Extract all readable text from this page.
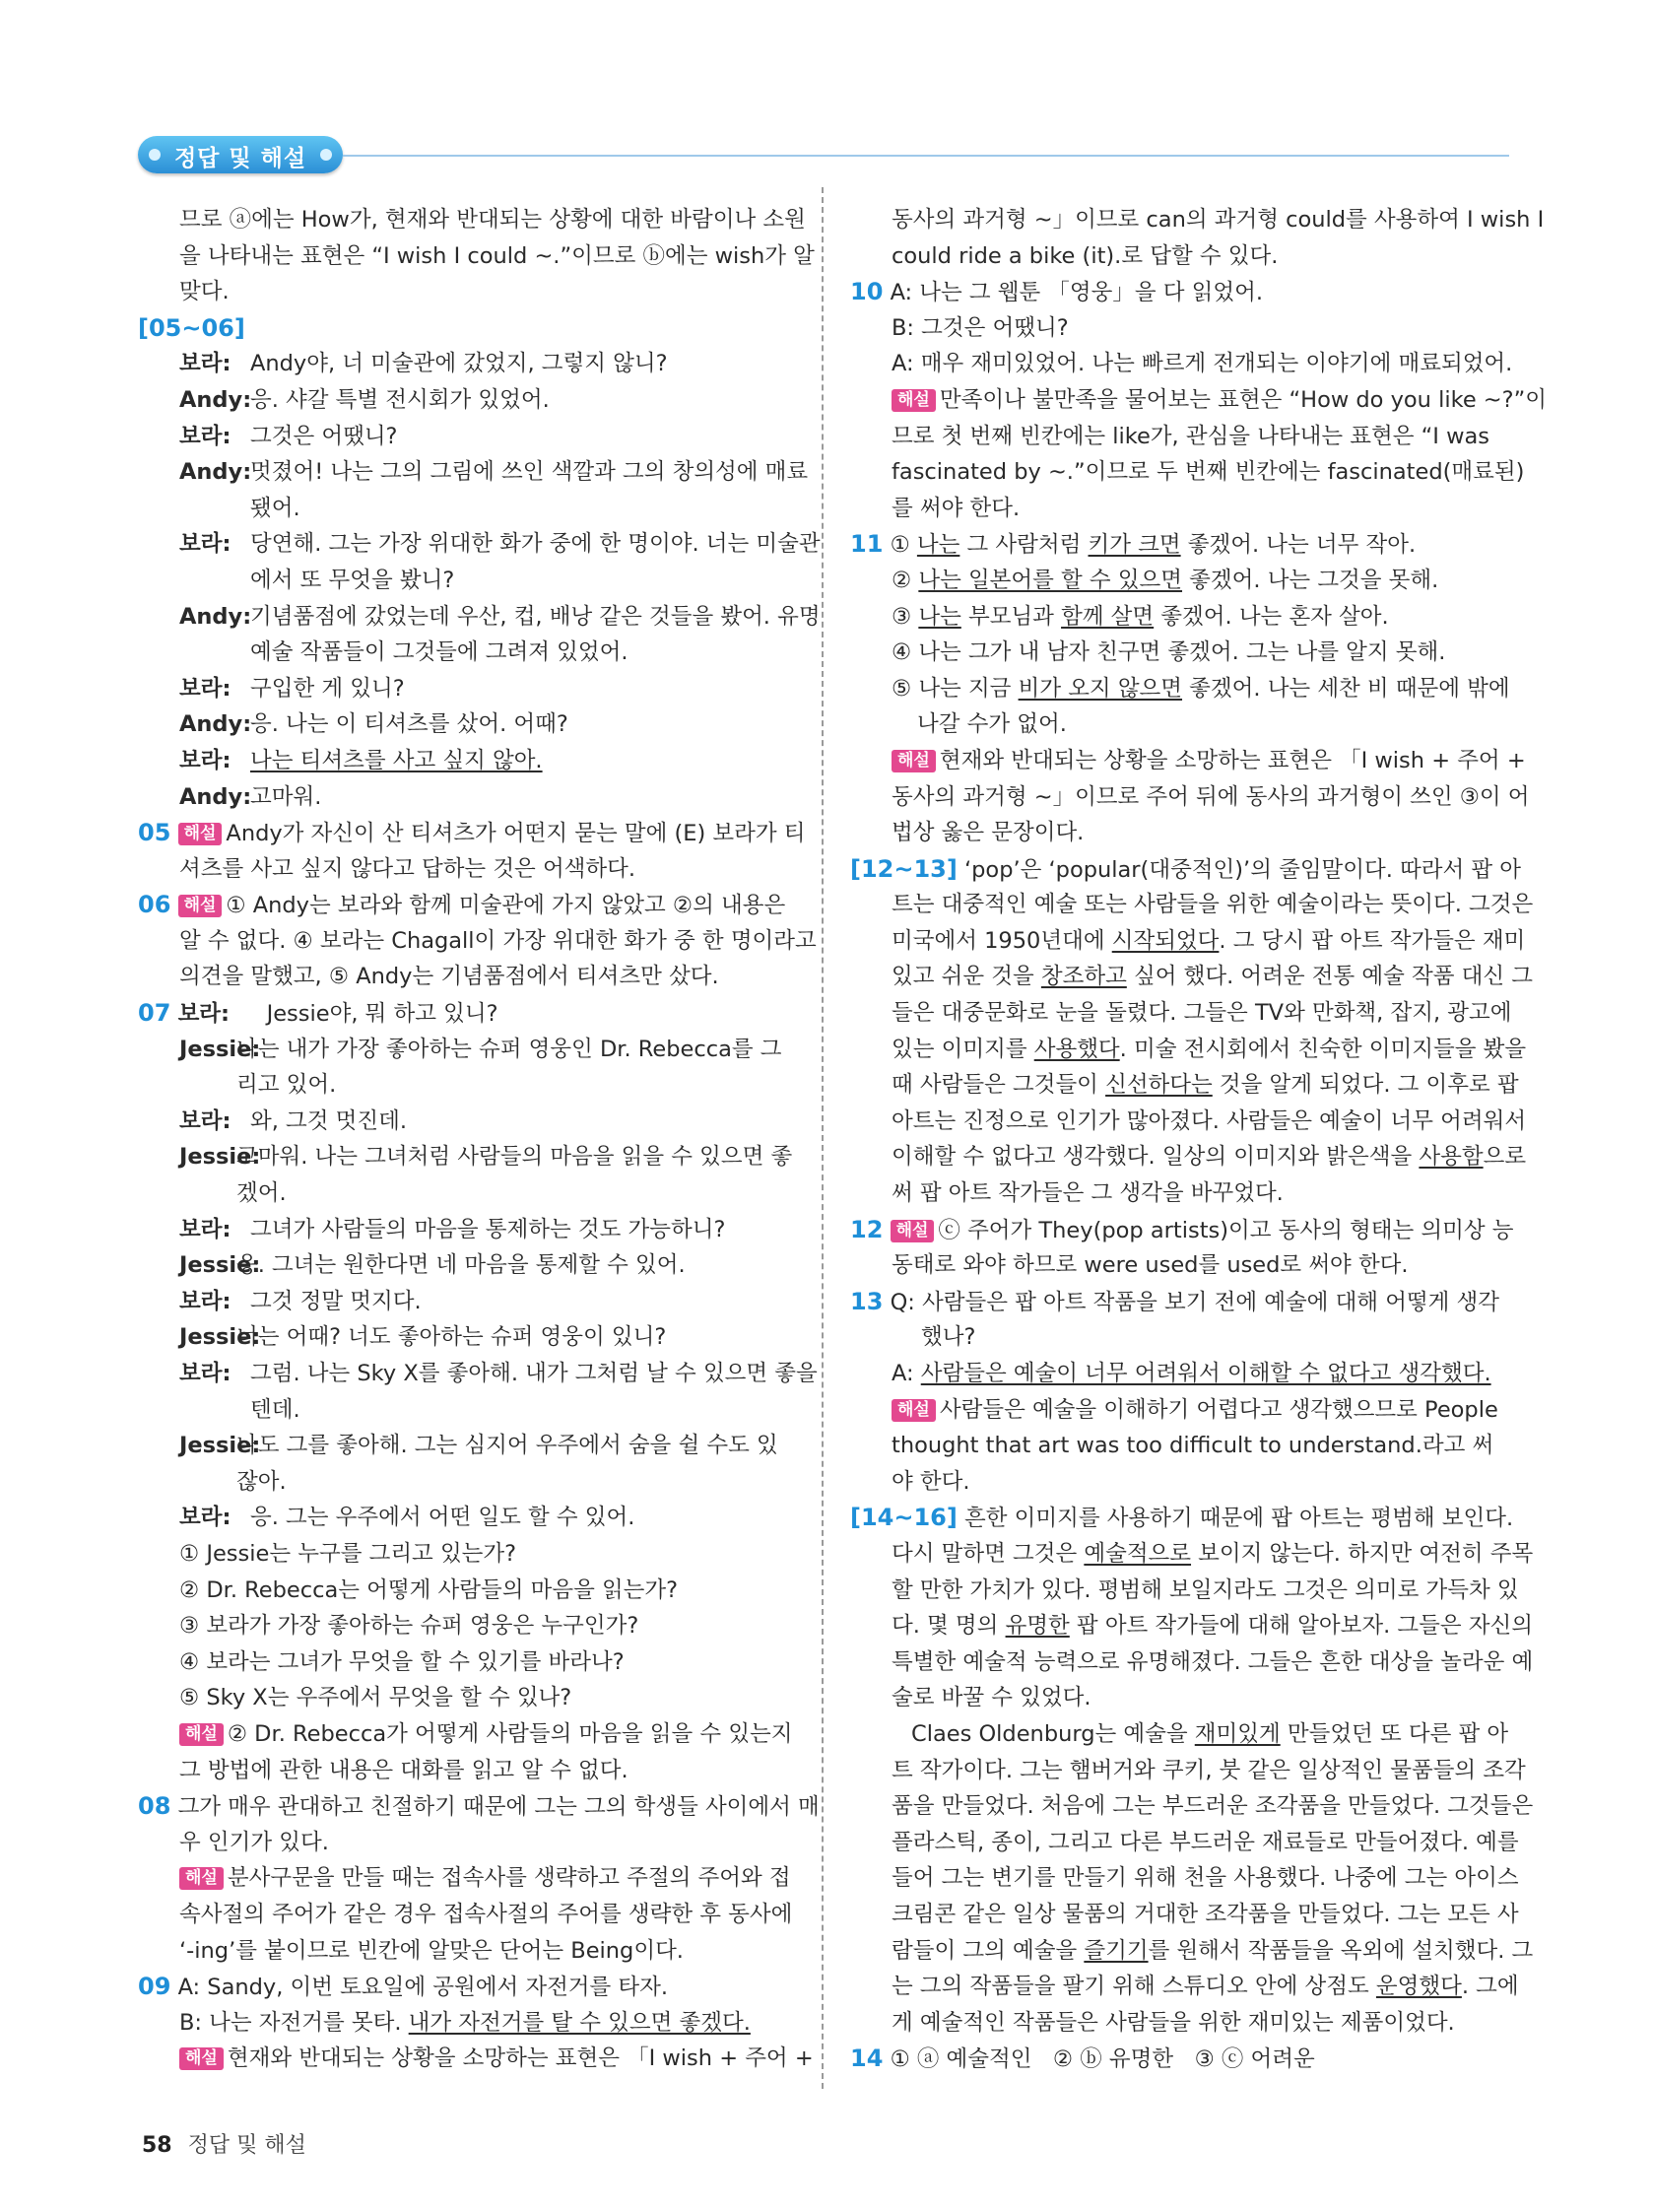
정답 및 해설
므로 ⓐ에는 How가, 현재와 반대되는 상황에 대한 바람이나 소원
을 나타내는 표현은 “I wish I could ~.”이므로 ⓑ에는 wish가 알
맞다.
[05~06]
보라: Andy야, 너 미술관에 갔었지, 그렇지 않니?
Andy:응. 샤갈 특별 전시회가 있었어.
보라: 그것은 어땠니?
Andy:멋졌어! 나는 그의 그림에 쓰인 색깔과 그의 창의성에 매료
됐어.
보라: 당연해. 그는 가장 위대한 화가 중에 한 명이야. 너는 미술관
에서 또 무엇을 봤니?
Andy:기념품점에 갔었는데 우산, 컵, 배낭 같은 것들을 봤어. 유명
예술 작품들이 그것들에 그려져 있었어.
보라: 구입한 게 있니?
Andy:응. 나는 이 티셔츠를 샀어. 어때?
보라: 나는 티셔츠를 사고 싶지 않아.
Andy:고마워.
05 해설 Andy가 자신이 산 티셔츠가 어떤지 묻는 말에 (E) 보라가 티
셔츠를 사고 싶지 않다고 답하는 것은 어색하다.
06 해설 ① Andy는 보라와 함께 미술관에 가지 않았고 ②의 내용은
알 수 없다. ④ 보라는 Chagall이 가장 위대한 화가 중 한 명이라고
의견을 말했고, ⑤ Andy는 기념품점에서 티셔츠만 샀다.
07 보라: Jessie야, 뭐 하고 있니?
Jessie:나는 내가 가장 좋아하는 슈퍼 영웅인 Dr. Rebecca를 그
리고 있어.
보라: 와, 그것 멋진데.
Jessie:고마워. 나는 그녀처럼 사람들의 마음을 읽을 수 있으면 좋
겠어.
보라: 그녀가 사람들의 마음을 통제하는 것도 가능하니?
Jessie:응. 그녀는 원한다면 네 마음을 통제할 수 있어.
보라: 그것 정말 멋지다.
Jessie:너는 어때? 너도 좋아하는 슈퍼 영웅이 있니?
보라: 그럼. 나는 Sky X를 좋아해. 내가 그처럼 날 수 있으면 좋을
텐데.
Jessie:나도 그를 좋아해. 그는 심지어 우주에서 숨을 쉴 수도 있
잖아.
보라: 응. 그는 우주에서 어떤 일도 할 수 있어.
① Jessie는 누구를 그리고 있는가?
② Dr. Rebecca는 어떻게 사람들의 마음을 읽는가?
③ 보라가 가장 좋아하는 슈퍼 영웅은 누구인가?
④ 보라는 그녀가 무엇을 할 수 있기를 바라나?
⑤ Sky X는 우주에서 무엇을 할 수 있나?
해설 ② Dr. Rebecca가 어떻게 사람들의 마음을 읽을 수 있는지
그 방법에 관한 내용은 대화를 읽고 알 수 없다.
08 그가 매우 관대하고 친절하기 때문에 그는 그의 학생들 사이에서 매
우 인기가 있다.
해설 분사구문을 만들 때는 접속사를 생략하고 주절의 주어와 접
속사절의 주어가 같은 경우 접속사절의 주어를 생략한 후 동사에
‘-ing’를 붙이므로 빈칸에 알맞은 단어는 Being이다.
09 A: Sandy, 이번 토요일에 공원에서 자전거를 타자.
B: 나는 자전거를 못타. 내가 자전거를 탈 수 있으면 좋겠다.
해설 현재와 반대되는 상황을 소망하는 표현은 「I wish + 주어 +
동사의 과거형 ~」이므로 can의 과거형 could를 사용하여 I wish I
could ride a bike (it).로 답할 수 있다.
10 A: 나는 그 웹툰 「영웅」을 다 읽었어.
B: 그것은 어땠니?
A: 매우 재미있었어. 나는 빠르게 전개되는 이야기에 매료되었어.
해설 만족이나 불만족을 물어보는 표현은 “How do you like ~?”이
므로 첫 번째 빈칸에는 like가, 관심을 나타내는 표현은 “I was
fascinated by ~.”이므로 두 번째 빈칸에는 fascinated(매료된)
를 써야 한다.
11 ① 나는 그 사람처럼 키가 크면 좋겠어. 나는 너무 작아.
② 나는 일본어를 할 수 있으면 좋겠어. 나는 그것을 못해.
③ 나는 부모님과 함께 살면 좋겠어. 나는 혼자 살아.
④ 나는 그가 내 남자 친구면 좋겠어. 그는 나를 알지 못해.
⑤ 나는 지금 비가 오지 않으면 좋겠어. 나는 세찬 비 때문에 밖에
나갈 수가 없어.
해설 현재와 반대되는 상황을 소망하는 표현은 「I wish + 주어 +
동사의 과거형 ~」이므로 주어 뒤에 동사의 과거형이 쓰인 ③이 어
법상 옳은 문장이다.
[12~13] ‘pop’은 ‘popular(대중적인)’의 줄임말이다. 따라서 팝 아
트는 대중적인 예술 또는 사람들을 위한 예술이라는 뜻이다. 그것은
미국에서 1950년대에 시작되었다. 그 당시 팝 아트 작가들은 재미
있고 쉬운 것을 창조하고 싶어 했다. 어려운 전통 예술 작품 대신 그
들은 대중문화로 눈을 돌렸다. 그들은 TV와 만화책, 잡지, 광고에
있는 이미지를 사용했다. 미술 전시회에서 친숙한 이미지들을 봤을
때 사람들은 그것들이 신선하다는 것을 알게 되었다. 그 이후로 팝
아트는 진정으로 인기가 많아졌다. 사람들은 예술이 너무 어려워서
이해할 수 없다고 생각했다. 일상의 이미지와 밝은색을 사용함으로
써 팝 아트 작가들은 그 생각을 바꾸었다.
12 해설 ⓒ 주어가 They(pop artists)이고 동사의 형태는 의미상 능
동태로 와야 하므로 were used를 used로 써야 한다.
13 Q: 사람들은 팝 아트 작품을 보기 전에 예술에 대해 어떻게 생각
했나?
A: 사람들은 예술이 너무 어려워서 이해할 수 없다고 생각했다.
해설 사람들은 예술을 이해하기 어렵다고 생각했으므로 People
thought that art was too difficult to understand.라고 써
야 한다.
[14~16] 흔한 이미지를 사용하기 때문에 팝 아트는 평범해 보인다.
다시 말하면 그것은 예술적으로 보이지 않는다. 하지만 여전히 주목
할 만한 가치가 있다. 평범해 보일지라도 그것은 의미로 가득차 있
다. 몇 명의 유명한 팝 아트 작가들에 대해 알아보자. 그들은 자신의
특별한 예술적 능력으로 유명해졌다. 그들은 흔한 대상을 놀라운 예
술로 바꿀 수 있었다.
Claes Oldenburg는 예술을 재미있게 만들었던 또 다른 팝 아
트 작가이다. 그는 햄버거와 쿠키, 붓 같은 일상적인 물품들의 조각
품을 만들었다. 처음에 그는 부드러운 조각품을 만들었다. 그것들은
플라스틱, 종이, 그리고 다른 부드러운 재료들로 만들어졌다. 예를
들어 그는 변기를 만들기 위해 천을 사용했다. 나중에 그는 아이스
크림콘 같은 일상 물품의 거대한 조각품을 만들었다. 그는 모든 사
람들이 그의 예술을 즐기기를 원해서 작품들을 옥외에 설치했다. 그
는 그의 작품들을 팔기 위해 스튜디오 안에 상점도 운영했다. 그에
게 예술적인 작품들은 사람들을 위한 재미있는 제품이었다.
14 ① ⓐ 예술적인   ② ⓑ 유명한   ③ ⓒ 어려운
58 정답 및 해설
